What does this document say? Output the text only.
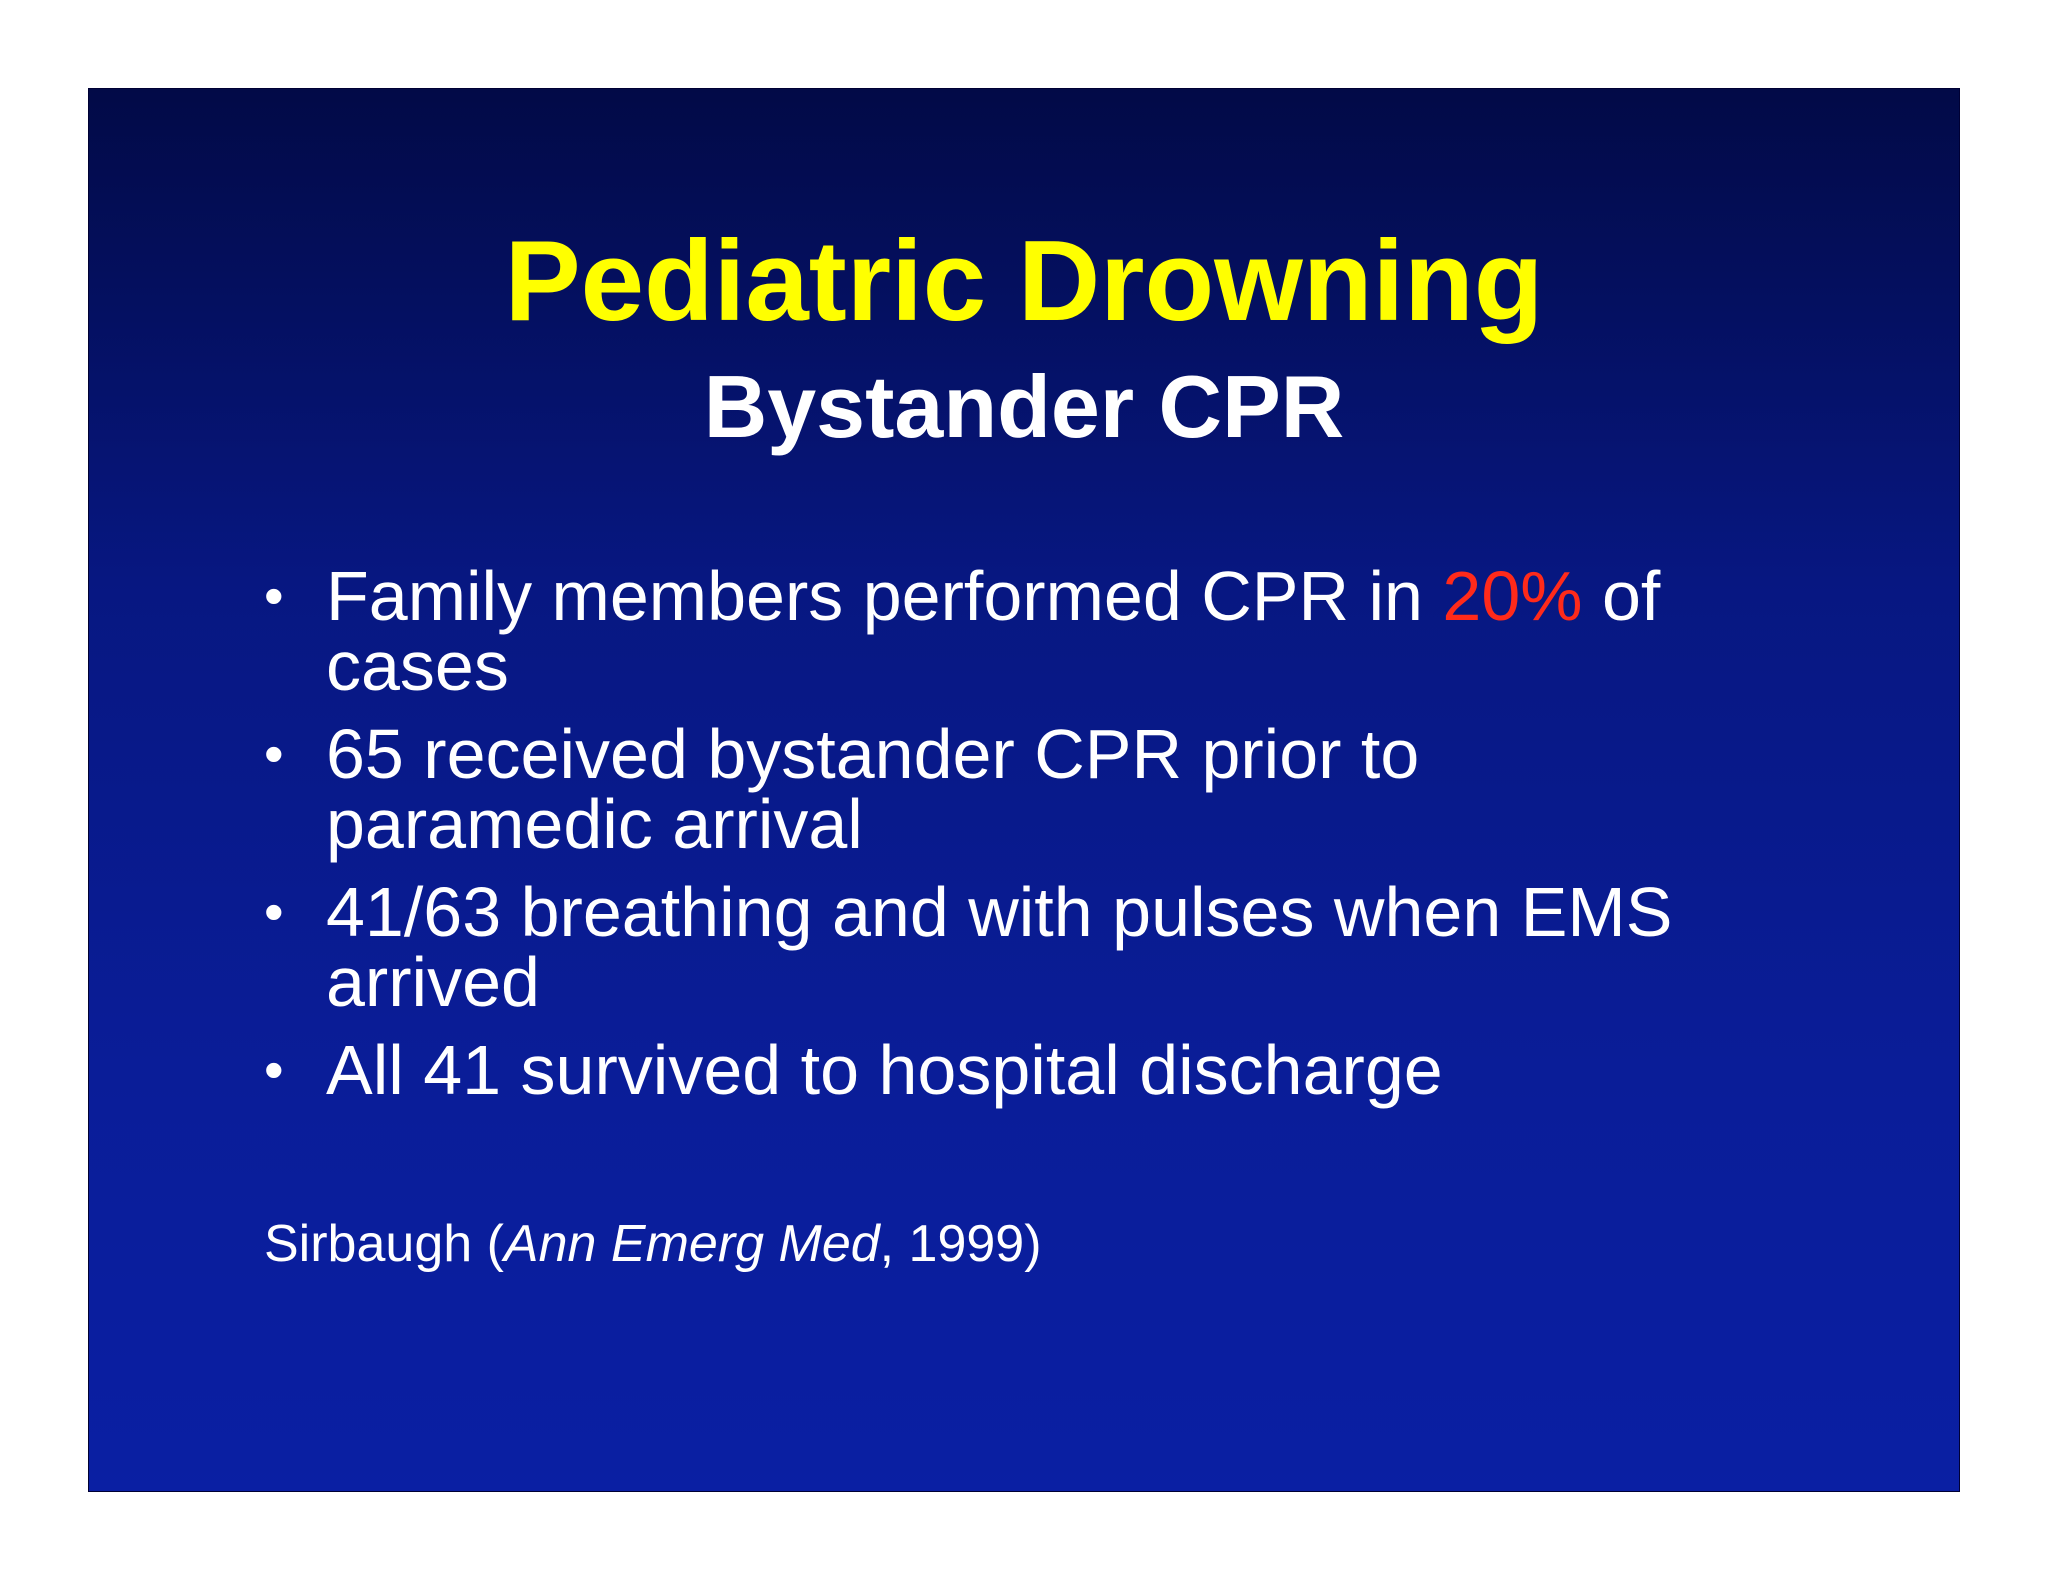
Pediatric Drowning
Bystander CPR
• Family members performed CPR in 20% of cases
• 65 received bystander CPR prior to paramedic arrival
• 41/63 breathing and with pulses when EMS arrived
• All 41 survived to hospital discharge

Sirbaugh (Ann Emerg Med, 1999)
